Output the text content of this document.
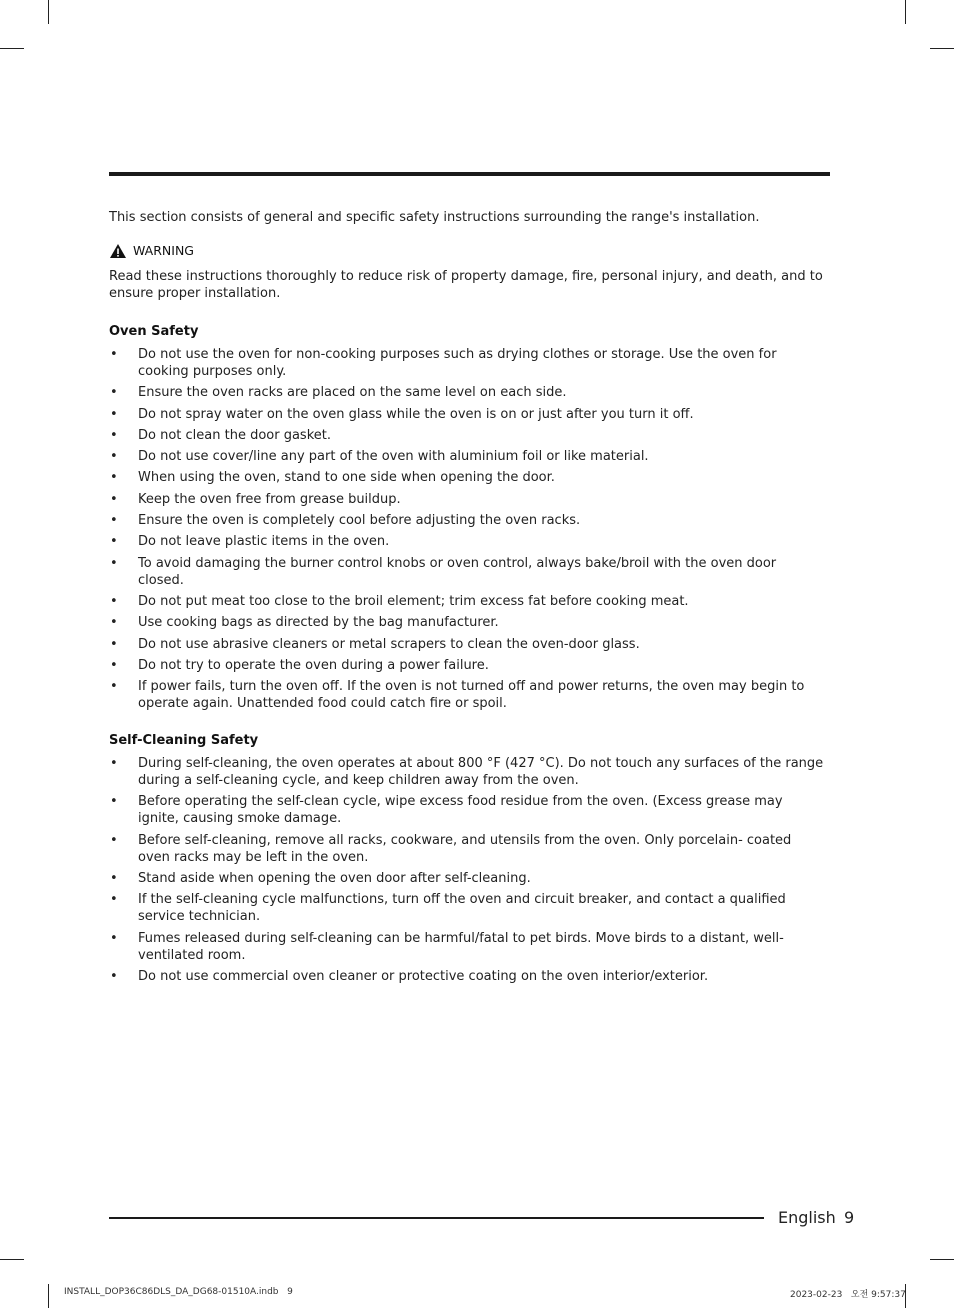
This section consists of general and specific safety instructions surrounding the range's installation.

WARNING

Read these instructions thoroughly to reduce risk of property damage, fire, personal injury, and death, and to ensure proper installation.

Oven Safety
• Do not use the oven for non-cooking purposes such as drying clothes or storage. Use the oven for cooking purposes only.
• Ensure the oven racks are placed on the same level on each side.
• Do not spray water on the oven glass while the oven is on or just after you turn it off.
• Do not clean the door gasket.
• Do not use cover/line any part of the oven with aluminium foil or like material.
• When using the oven, stand to one side when opening the door.
• Keep the oven free from grease buildup.
• Ensure the oven is completely cool before adjusting the oven racks.
• Do not leave plastic items in the oven.
• To avoid damaging the burner control knobs or oven control, always bake/broil with the oven door closed.
• Do not put meat too close to the broil element; trim excess fat before cooking meat.
• Use cooking bags as directed by the bag manufacturer.
• Do not use abrasive cleaners or metal scrapers to clean the oven-door glass.
• Do not try to operate the oven during a power failure.
• If power fails, turn the oven off. If the oven is not turned off and power returns, the oven may begin to operate again. Unattended food could catch fire or spoil.
Self-Cleaning Safety
• During self-cleaning, the oven operates at about 800 °F (427 °C). Do not touch any surfaces of the range during a self-cleaning cycle, and keep children away from the oven.
• Before operating the self-clean cycle, wipe excess food residue from the oven. (Excess grease may ignite, causing smoke damage.
• Before self-cleaning, remove all racks, cookware, and utensils from the oven. Only porcelain- coated oven racks may be left in the oven.
• Stand aside when opening the oven door after self-cleaning.
• If the self-cleaning cycle malfunctions, turn off the oven and circuit breaker, and contact a qualified service technician.
• Fumes released during self-cleaning can be harmful/fatal to pet birds. Move birds to a distant, well-ventilated room.
• Do not use commercial oven cleaner or protective coating on the oven interior/exterior.
English 9
INSTALL_DOP36C86DLS_DA_DG68-01510A.indb   9	2023-02-23   오전 9:57:37
